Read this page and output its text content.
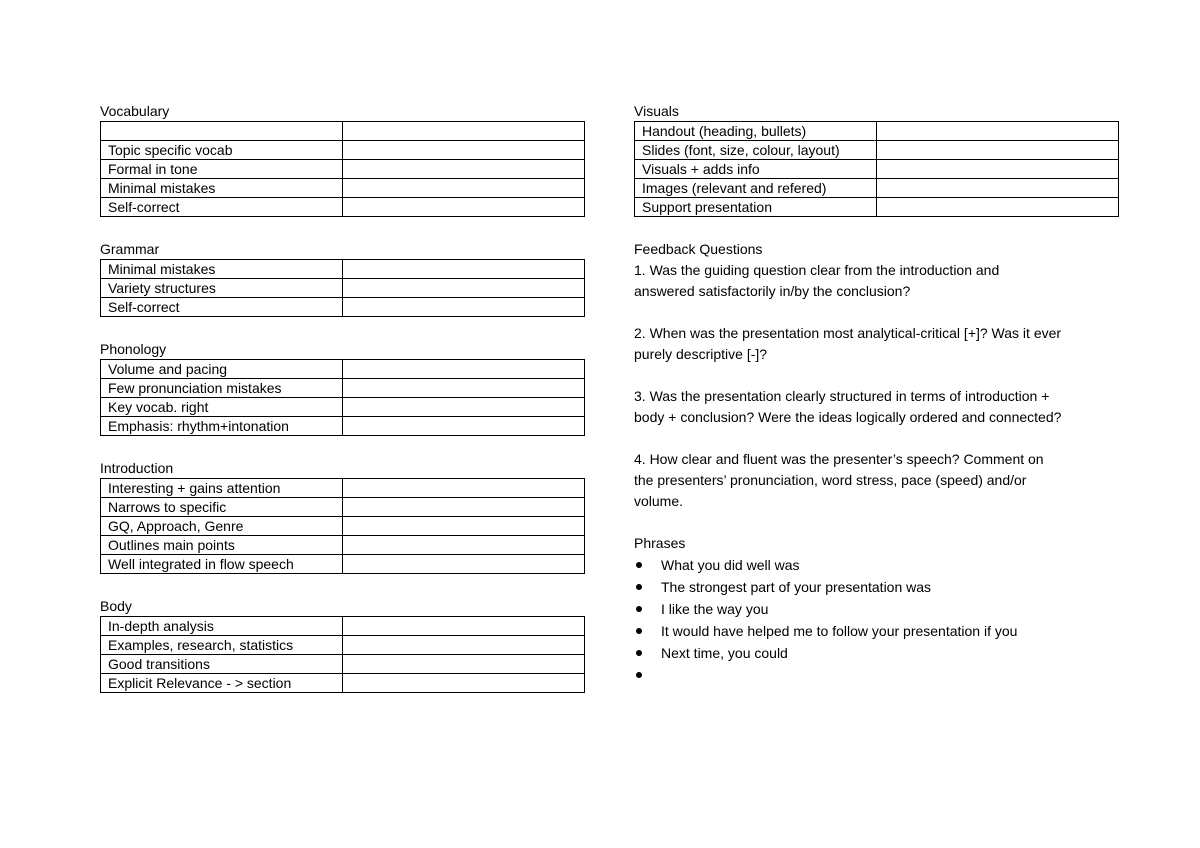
Vocabulary

Topic specific vocab	
Formal in tone	
Minimal mistakes	
Self-correct	

Grammar

Minimal mistakes	
Variety structures	
Self-correct	

Phonology

Volume and pacing	
Few pronunciation mistakes	
Key vocab. right	
Emphasis: rhythm+intonation	

Introduction

Interesting + gains attention	
Narrows to specific	
GQ, Approach, Genre	
Outlines main points	
Well integrated in flow speech	

Body

In-depth analysis	
Examples, research, statistics	
Good transitions	
Explicit Relevance - > section	

Visuals

Handout (heading, bullets)	
Slides (font, size, colour, layout)	
Visuals + adds info	
Images (relevant and refered)	
Support presentation	

Feedback Questions

1. Was the guiding question clear from the introduction and

answered satisfactorily in/by the conclusion?

2. When was the presentation most analytical-critical [+]? Was it ever

purely descriptive [-]?

3. Was the presentation clearly structured in terms of introduction +

body + conclusion? Were the ideas logically ordered and connected?

4. How clear and fluent was the presenter’s speech? Comment on

the presenters’ pronunciation, word stress, pace (speed) and/or

volume.

Phrases

What you did well was
The strongest part of your presentation was
I like the way you
It would have helped me to follow your presentation if you
Next time, you could
